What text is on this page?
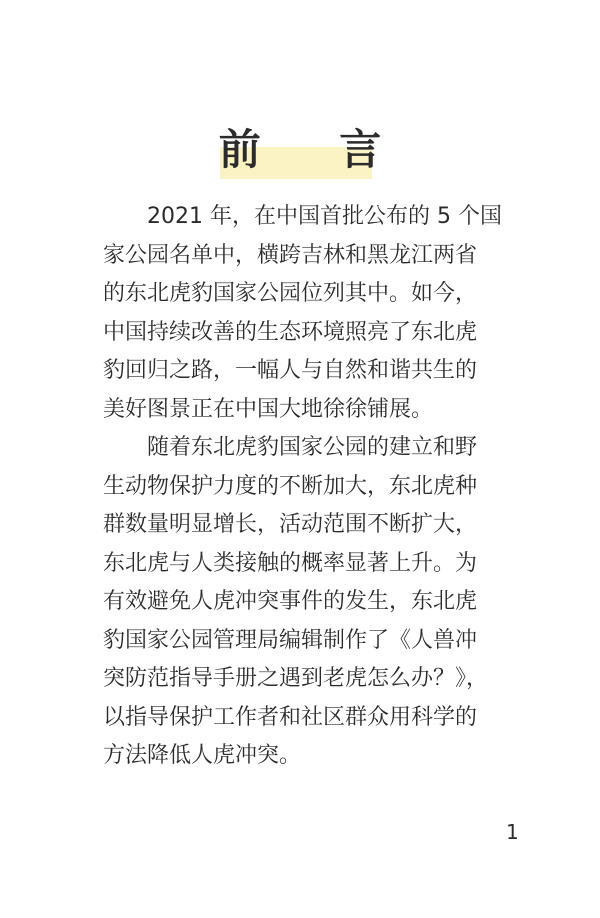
前 言

2021 年，在中国首批公布的 5 个国
家公园名单中，横跨吉林和黑龙江两省
的东北虎豹国家公园位列其中。如今，
中国持续改善的生态环境照亮了东北虎
豹回归之路，一幅人与自然和谐共生的
美好图景正在中国大地徐徐铺展。

随着东北虎豹国家公园的建立和野
生动物保护力度的不断加大，东北虎种
群数量明显增长，活动范围不断扩大，
东北虎与人类接触的概率显著上升。为
有效避免人虎冲突事件的发生，东北虎
豹国家公园管理局编辑制作了《人兽冲
突防范指导手册之遇到老虎怎么办？》，
以指导保护工作者和社区群众用科学的
方法降低人虎冲突。

1
